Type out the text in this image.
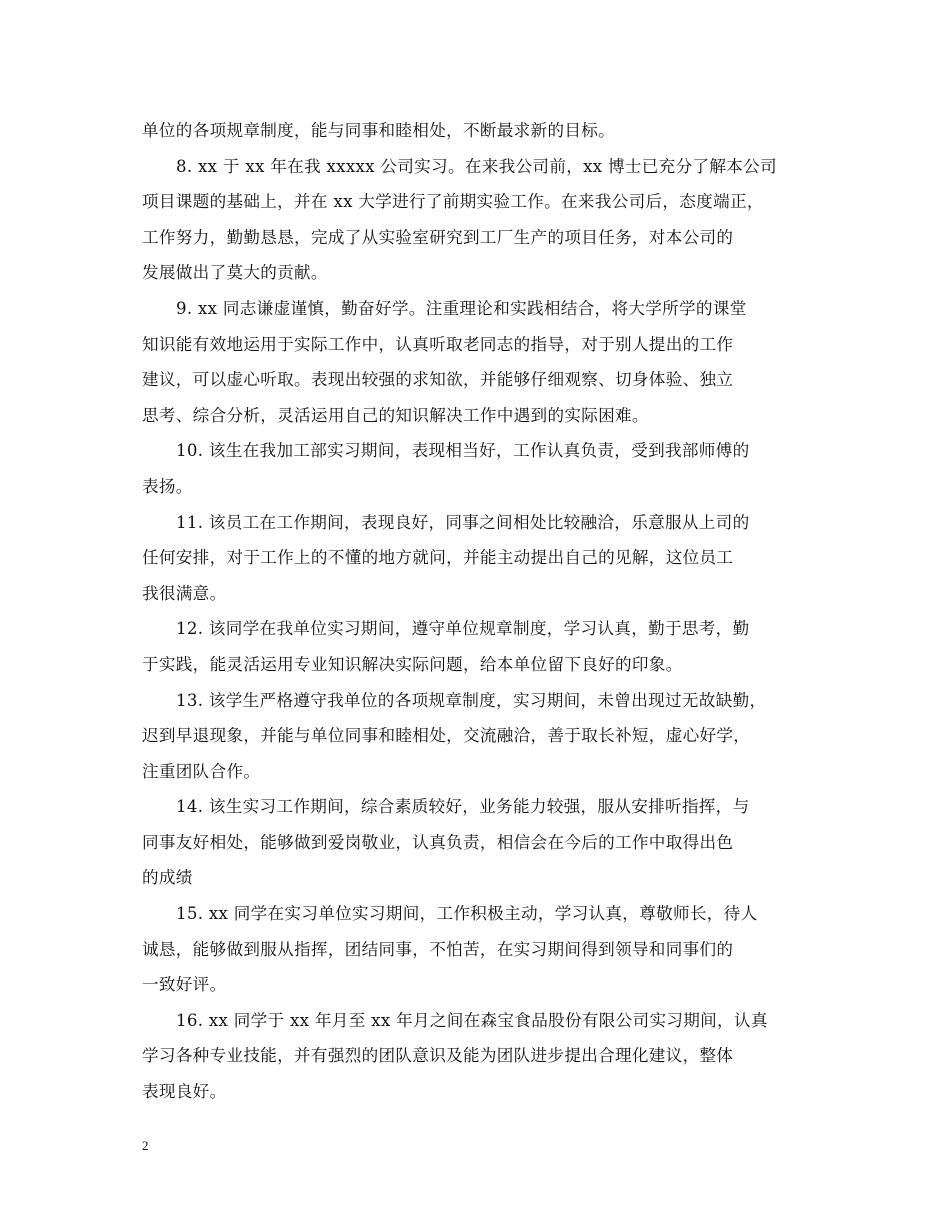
单位的各项规章制度，能与同事和睦相处，不断最求新的目标。
8. xx 于 xx 年在我 xxxxx 公司实习。在来我公司前，xx 博士已充分了解本公司
项目课题的基础上，并在 xx 大学进行了前期实验工作。在来我公司后，态度端正，
工作努力，勤勤恳恳，完成了从实验室研究到工厂生产的项目任务，对本公司的
发展做出了莫大的贡献。
9. xx 同志谦虚谨慎，勤奋好学。注重理论和实践相结合，将大学所学的课堂
知识能有效地运用于实际工作中，认真听取老同志的指导，对于别人提出的工作
建议，可以虚心听取。表现出较强的求知欲，并能够仔细观察、切身体验、独立
思考、综合分析，灵活运用自己的知识解决工作中遇到的实际困难。
10. 该生在我加工部实习期间，表现相当好，工作认真负责，受到我部师傅的
表扬。
11. 该员工在工作期间，表现良好，同事之间相处比较融洽，乐意服从上司的
任何安排，对于工作上的不懂的地方就问，并能主动提出自己的见解，这位员工
我很满意。
12. 该同学在我单位实习期间，遵守单位规章制度，学习认真，勤于思考，勤
于实践，能灵活运用专业知识解决实际问题，给本单位留下良好的印象。
13. 该学生严格遵守我单位的各项规章制度，实习期间，未曾出现过无故缺勤，
迟到早退现象，并能与单位同事和睦相处，交流融洽，善于取长补短，虚心好学，
注重团队合作。
14. 该生实习工作期间，综合素质较好，业务能力较强，服从安排听指挥，与
同事友好相处，能够做到爱岗敬业，认真负责，相信会在今后的工作中取得出色
的成绩
15. xx 同学在实习单位实习期间，工作积极主动，学习认真，尊敬师长，待人
诚恳，能够做到服从指挥，团结同事，不怕苦，在实习期间得到领导和同事们的
一致好评。
16. xx 同学于 xx 年月至 xx 年月之间在森宝食品股份有限公司实习期间，认真
学习各种专业技能，并有强烈的团队意识及能为团队进步提出合理化建议，整体
表现良好。
2
